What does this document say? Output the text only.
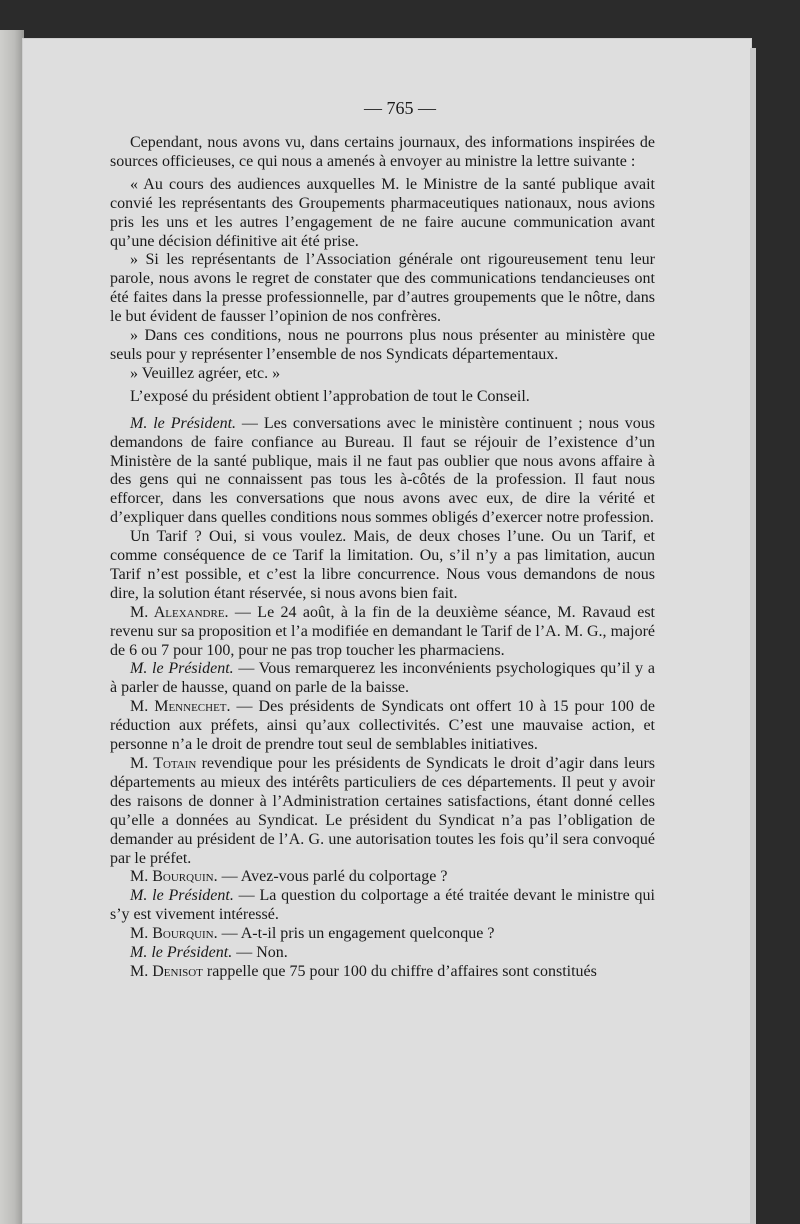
— 765 —

Cependant, nous avons vu, dans certains journaux, des informations inspirées de sources officieuses, ce qui nous a amenés à envoyer au ministre la lettre suivante :

« Au cours des audiences auxquelles M. le Ministre de la santé publique avait convié les représentants des Groupements pharmaceutiques nationaux, nous avions pris les uns et les autres l’engagement de ne faire aucune communication avant qu’une décision définitive ait été prise.

» Si les représentants de l’Association générale ont rigoureusement tenu leur parole, nous avons le regret de constater que des communications tendancieuses ont été faites dans la presse professionnelle, par d’autres groupements que le nôtre, dans le but évident de fausser l’opinion de nos confrères.

» Dans ces conditions, nous ne pourrons plus nous présenter au ministère que seuls pour y représenter l’ensemble de nos Syndicats départementaux.

» Veuillez agréer, etc. »

L’exposé du président obtient l’approbation de tout le Conseil.

M. le Président. — Les conversations avec le ministère continuent ; nous vous demandons de faire confiance au Bureau. Il faut se réjouir de l’existence d’un Ministère de la santé publique, mais il ne faut pas oublier que nous avons affaire à des gens qui ne connaissent pas tous les à-côtés de la profession. Il faut nous efforcer, dans les conversations que nous avons avec eux, de dire la vérité et d’expliquer dans quelles conditions nous sommes obligés d’exercer notre profession.

Un Tarif ? Oui, si vous voulez. Mais, de deux choses l’une. Ou un Tarif, et comme conséquence de ce Tarif la limitation. Ou, s’il n’y a pas limitation, aucun Tarif n’est possible, et c’est la libre concurrence. Nous vous demandons de nous dire, la solution étant réservée, si nous avons bien fait.

M. Alexandre. — Le 24 août, à la fin de la deuxième séance, M. Ravaud est revenu sur sa proposition et l’a modifiée en demandant le Tarif de l’A. M. G., majoré de 6 ou 7 pour 100, pour ne pas trop toucher les pharmaciens.

M. le Président. — Vous remarquerez les inconvénients psychologiques qu’il y a à parler de hausse, quand on parle de la baisse.

M. Mennechet. — Des présidents de Syndicats ont offert 10 à 15 pour 100 de réduction aux préfets, ainsi qu’aux collectivités. C’est une mauvaise action, et personne n’a le droit de prendre tout seul de semblables initiatives.

M. Totain revendique pour les présidents de Syndicats le droit d’agir dans leurs départements au mieux des intérêts particuliers de ces départements. Il peut y avoir des raisons de donner à l’Administration certaines satisfactions, étant donné celles qu’elle a données au Syndicat. Le président du Syndicat n’a pas l’obligation de demander au président de l’A. G. une autorisation toutes les fois qu’il sera convoqué par le préfet.

M. Bourquin. — Avez-vous parlé du colportage ?

M. le Président. — La question du colportage a été traitée devant le ministre qui s’y est vivement intéressé.

M. Bourquin. — A-t-il pris un engagement quelconque ?

M. le Président. — Non.

M. Denisot rappelle que 75 pour 100 du chiffre d’affaires sont constitués
